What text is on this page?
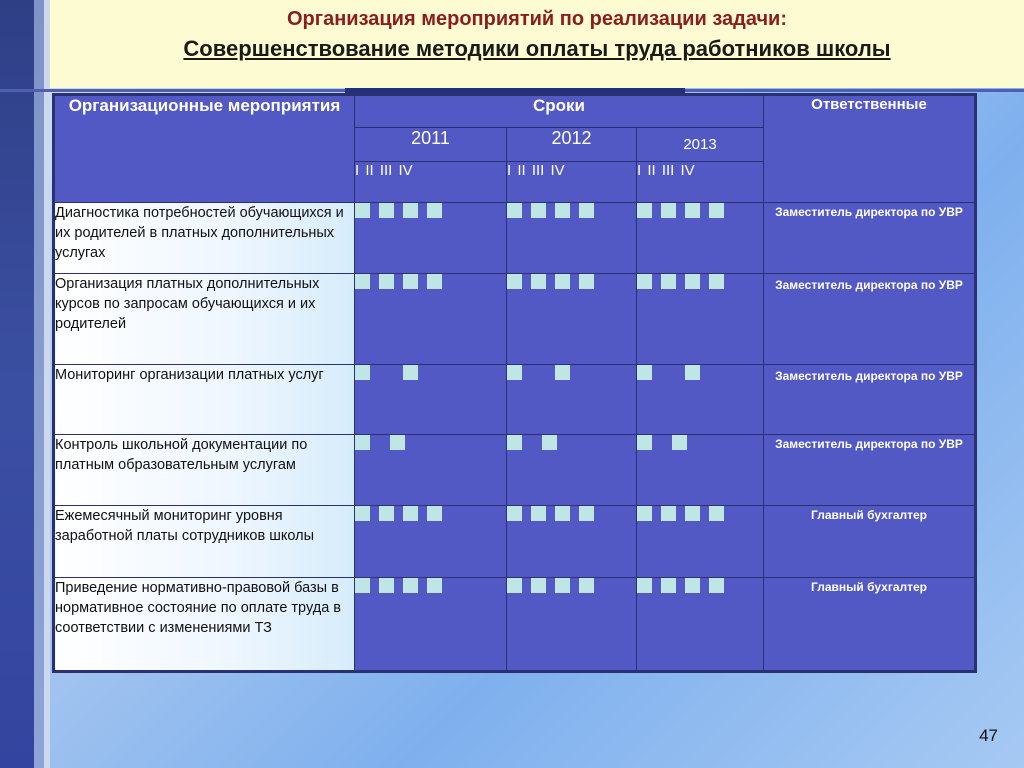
Организация мероприятий по реализации задачи:
Совершенствование методики оплаты труда работников школы
Организационные мероприятия	Сроки			Ответственные
	2011	2012	2013	
	I II III IV	I II III IV	I II III IV	
Диагностика потребностей обучающихся и их родителей в платных дополнительных услугах				Заместитель директора по УВР
Организация платных дополнительных курсов по запросам обучающихся и их родителей				Заместитель директора по УВР
Мониторинг организации платных услуг				Заместитель директора по УВР
Контроль школьной документации по платным образовательным услугам				Заместитель директора по УВР
Ежемесячный мониторинг уровня заработной платы сотрудников школы				Главный бухгалтер
Приведение нормативно-правовой базы в нормативное состояние по оплате труда в соответствии с изменениями ТЗ				Главный бухгалтер
47
